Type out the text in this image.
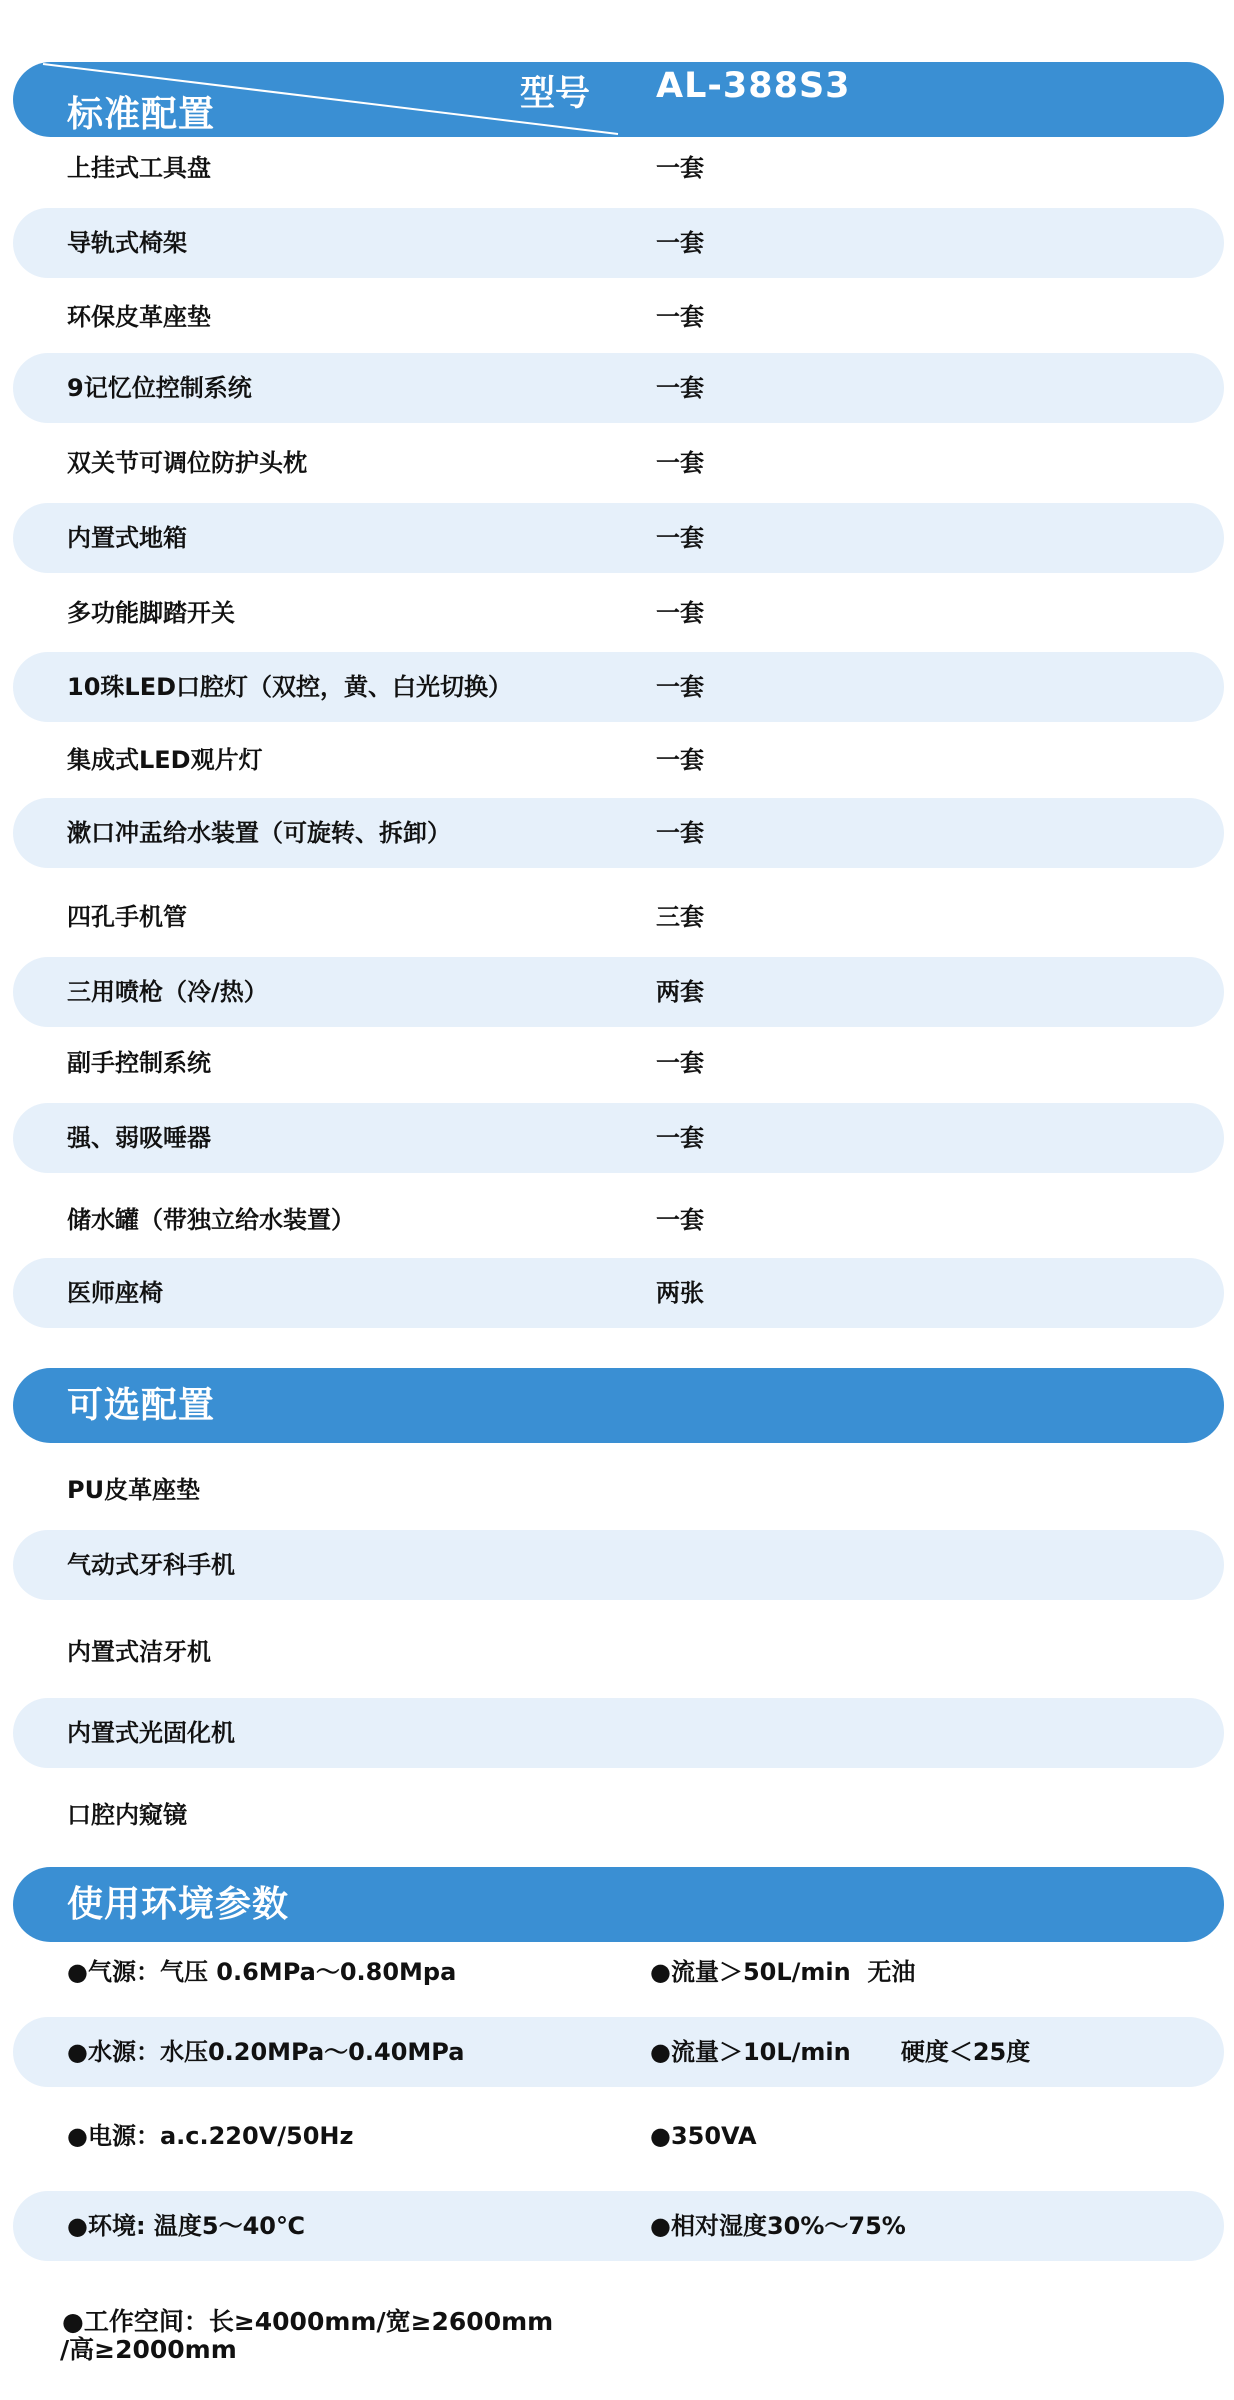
标准配置	型号 AL-388S3
上挂式工具盘	一套
导轨式椅架	一套
环保皮革座垫	一套
9记忆位控制系统	一套
双关节可调位防护头枕	一套
内置式地箱	一套
多功能脚踏开关	一套
10珠LED口腔灯（双控，黄、白光切换）	一套
集成式LED观片灯	一套
漱口冲盂给水装置（可旋转、拆卸）	一套
四孔手机管	三套
三用喷枪（冷/热）	两套
副手控制系统	一套
强、弱吸唾器	一套
储水罐（带独立给水装置）	一套
医师座椅	两张
可选配置
PU皮革座垫
气动式牙科手机
内置式洁牙机
内置式光固化机
口腔内窥镜
使用环境参数
●气源：气压 0.6MPa～0.80Mpa	●流量＞50L/min  无油
●水源：水压0.20MPa～0.40MPa	●流量＞10L/min      硬度＜25度
●电源：a.c.220V/50Hz	●350VA
●环境: 温度5～40℃	●相对湿度30%～75%
●工作空间：长≥4000mm/宽≥2600mm
/高≥2000mm
